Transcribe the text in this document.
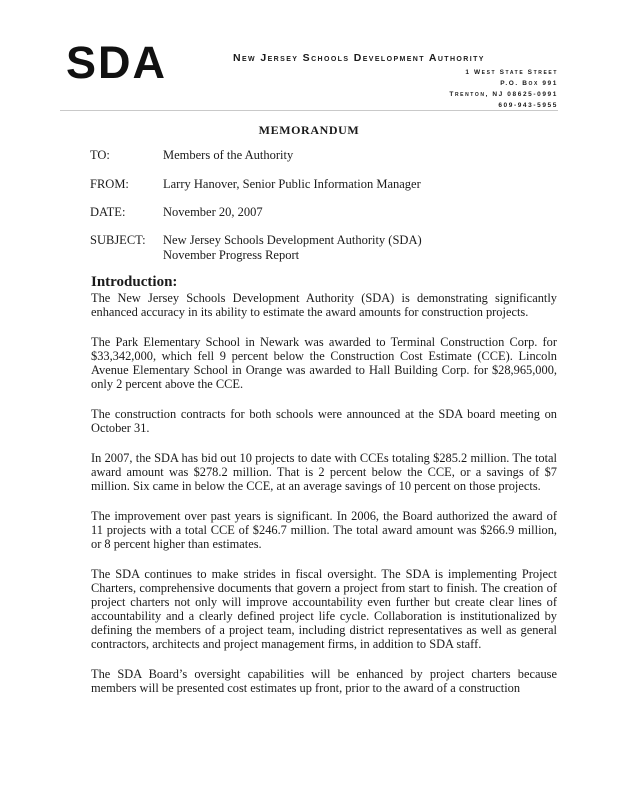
SDA	New Jersey Schools Development Authority
1 West State Street
P.O. Box 991
Trenton, NJ 08625-0991
609-943-5955
MEMORANDUM
TO:	Members of the Authority
FROM:	Larry Hanover, Senior Public Information Manager
DATE:	November 20, 2007
SUBJECT:	New Jersey Schools Development Authority (SDA)
November Progress Report
Introduction:

The New Jersey Schools Development Authority (SDA) is demonstrating significantly enhanced accuracy in its ability to estimate the award amounts for construction projects.

The Park Elementary School in Newark was awarded to Terminal Construction Corp. for $33,342,000, which fell 9 percent below the Construction Cost Estimate (CCE). Lincoln Avenue Elementary School in Orange was awarded to Hall Building Corp. for $28,965,000, only 2 percent above the CCE.

The construction contracts for both schools were announced at the SDA board meeting on October 31.

In 2007, the SDA has bid out 10 projects to date with CCEs totaling $285.2 million. The total award amount was $278.2 million. That is 2 percent below the CCE, or a savings of $7 million. Six came in below the CCE, at an average savings of 10 percent on those projects.

The improvement over past years is significant. In 2006, the Board authorized the award of 11 projects with a total CCE of $246.7 million. The total award amount was $266.9 million, or 8 percent higher than estimates.

The SDA continues to make strides in fiscal oversight. The SDA is implementing Project Charters, comprehensive documents that govern a project from start to finish. The creation of project charters not only will improve accountability even further but create clear lines of accountability and a clearly defined project life cycle. Collaboration is institutionalized by defining the members of a project team, including district representatives as well as general contractors, architects and project management firms, in addition to SDA staff.

The SDA Board’s oversight capabilities will be enhanced by project charters because members will be presented cost estimates up front, prior to the award of a construction
